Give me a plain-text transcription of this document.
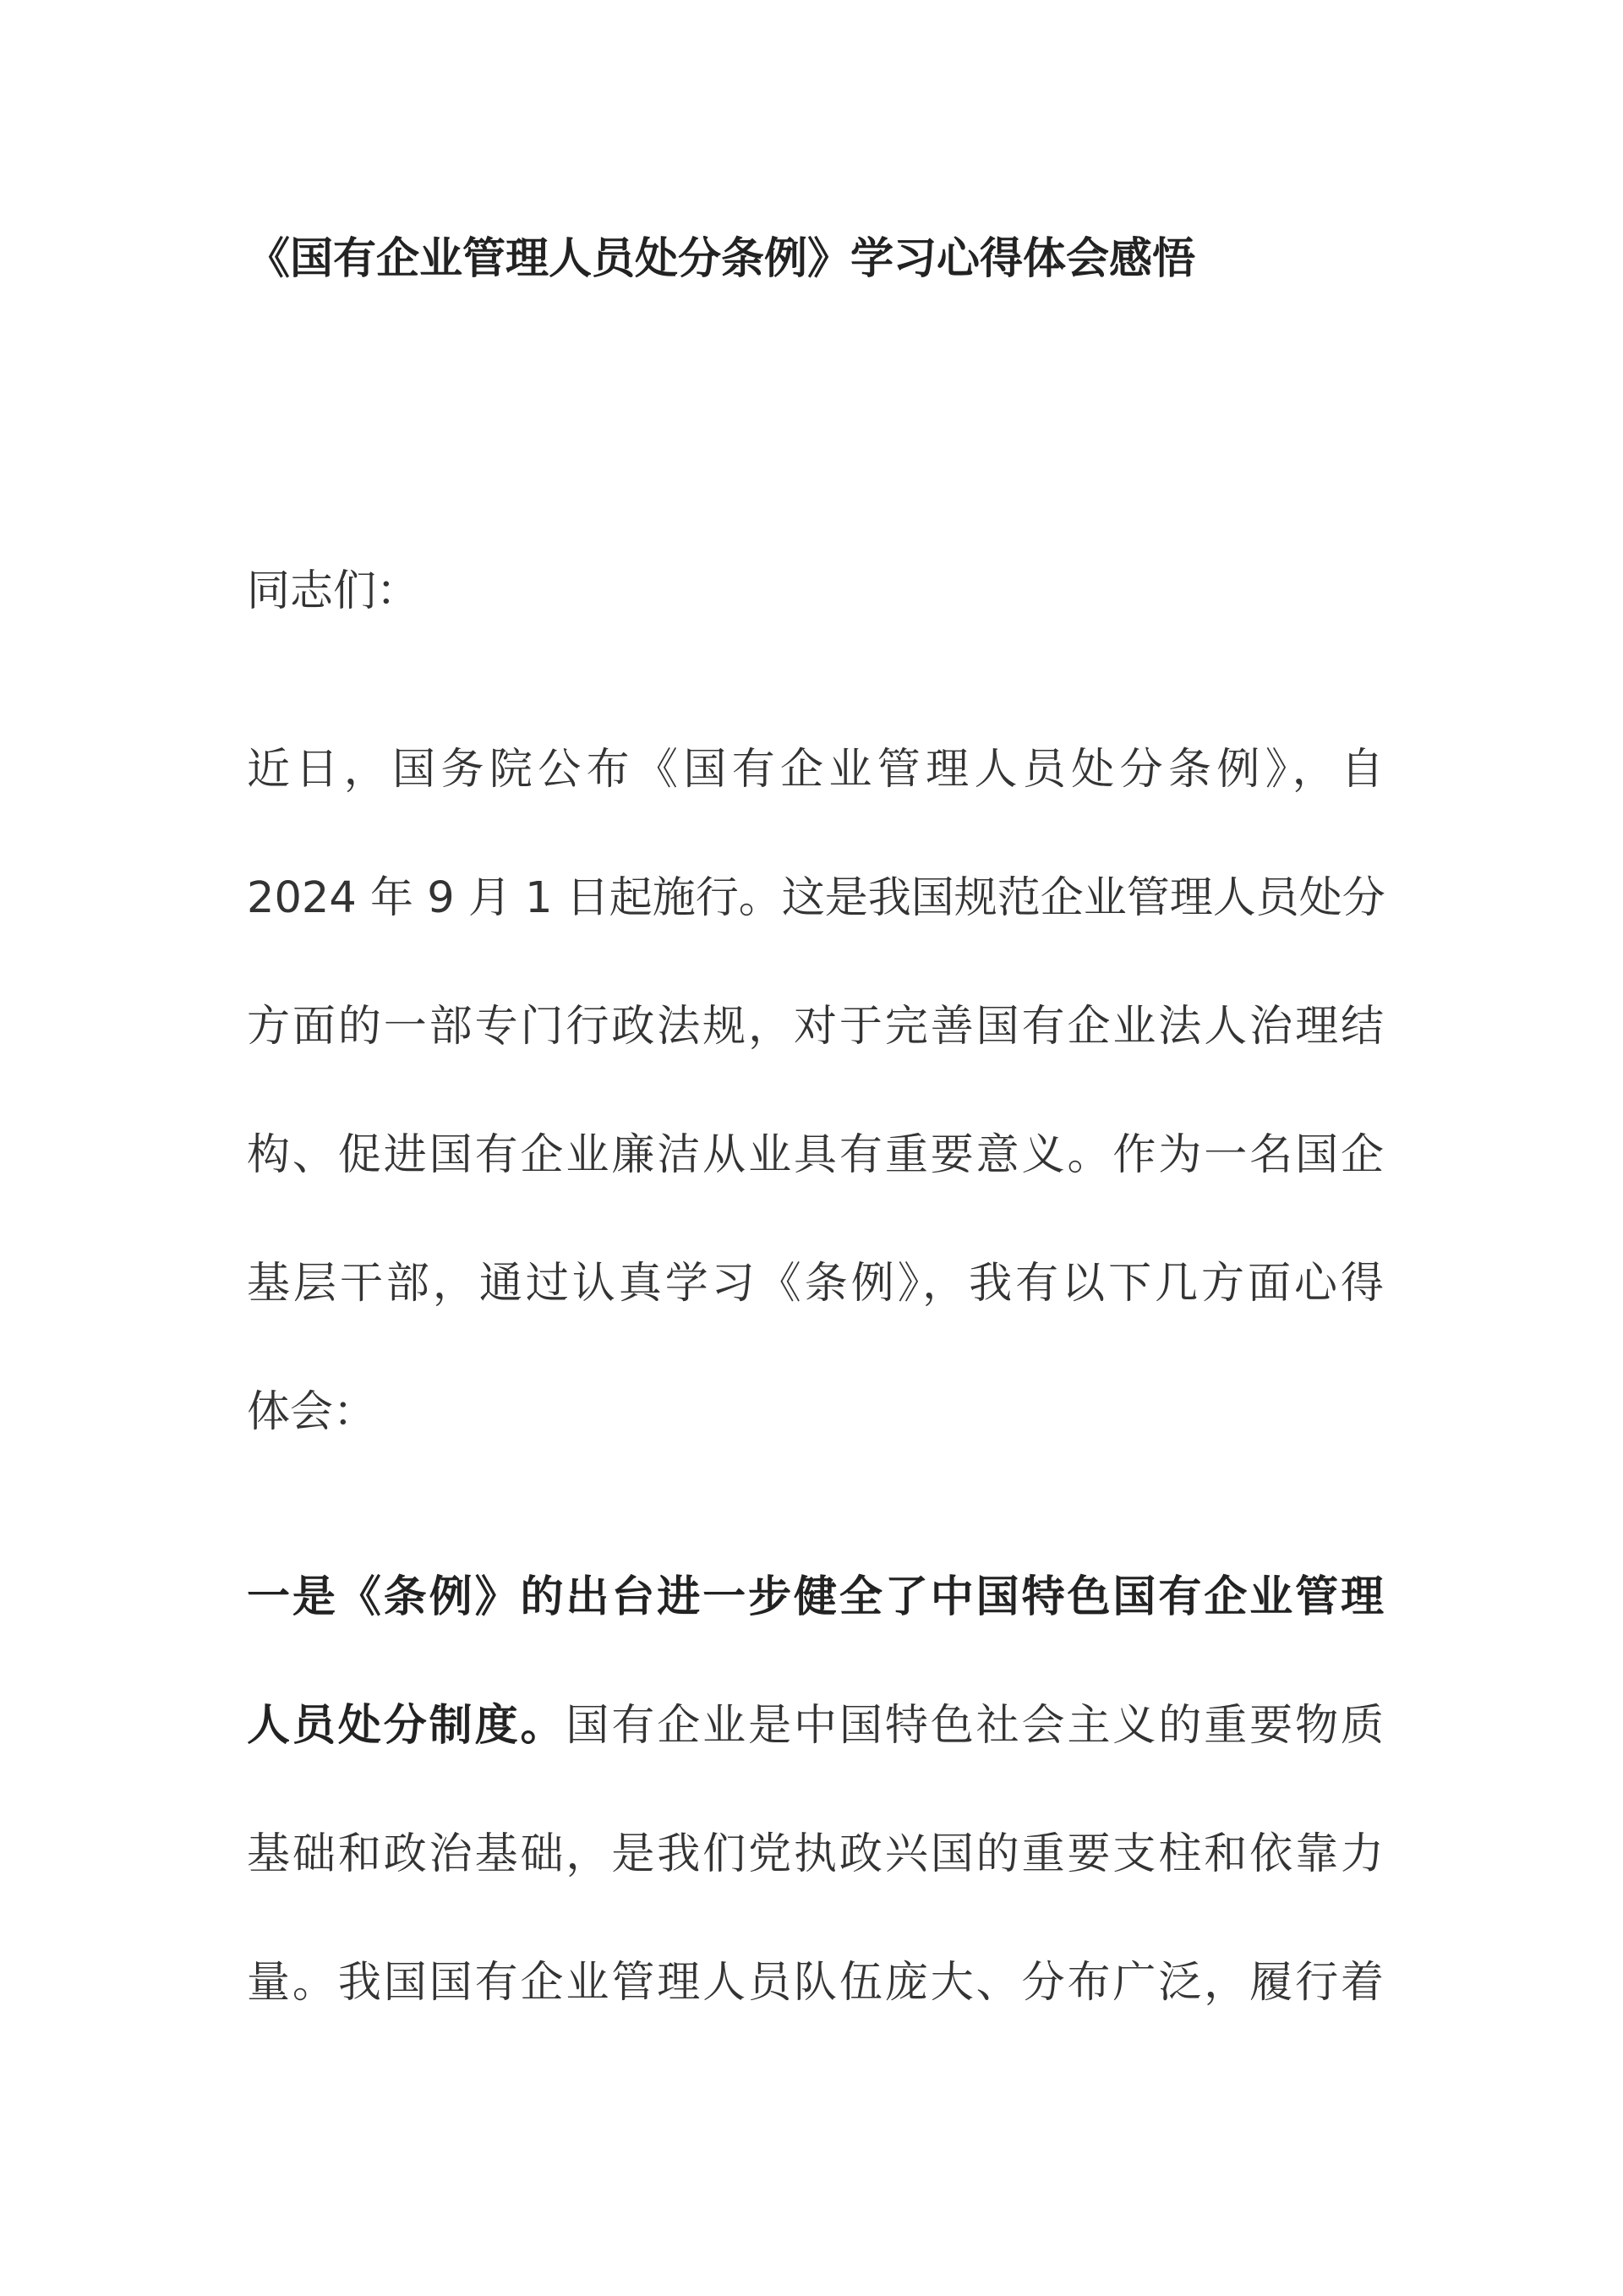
《国有企业管理人员处分条例》学习心得体会感悟
同志们：
近日，国务院公布《国有企业管理人员处分条例》，自
2024 年 9 月 1 日起施行。这是我国规范企业管理人员处分
方面的一部专门行政法规，对于完善国有企业法人治理结
构、促进国有企业廉洁从业具有重要意义。作为一名国企
基层干部，通过认真学习《条例》，我有以下几方面心得
体会：
一是《条例》的出台进一步健全了中国特色国有企业管理
人员处分制度。国有企业是中国特色社会主义的重要物质
基础和政治基础，是我们党执政兴国的重要支柱和依靠力
量。我国国有企业管理人员队伍庞大、分布广泛，履行着
